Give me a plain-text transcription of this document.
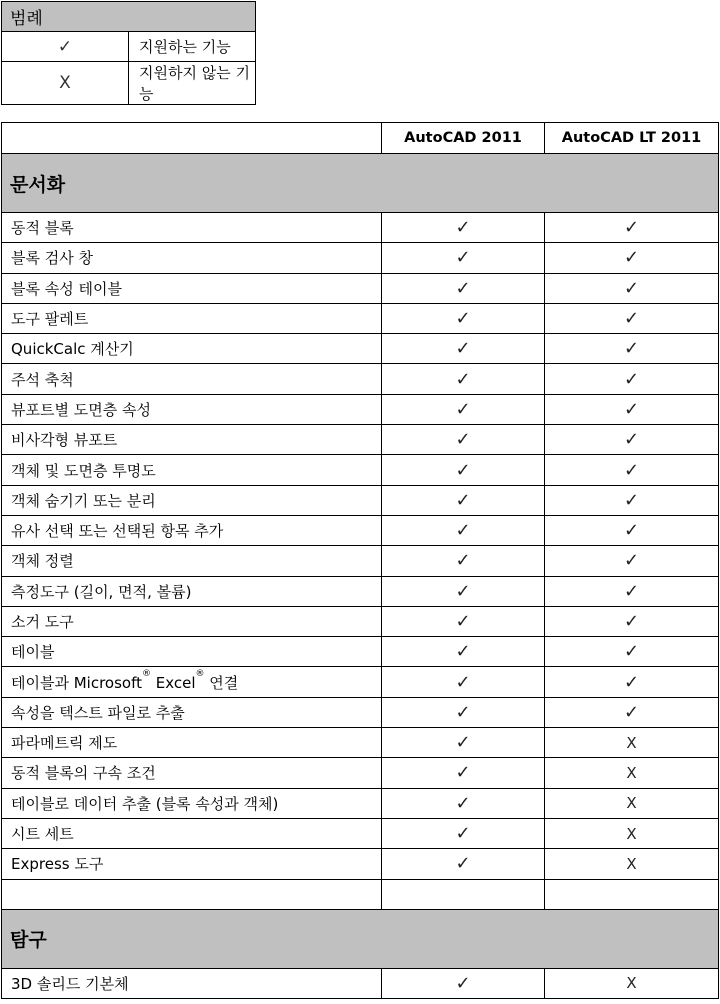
범례	
✓	지원하는 기능
X	지원하지 않는 기능
	AutoCAD 2011	AutoCAD LT 2011
문서화		
동적 블록	✓	✓
블록 검사 창	✓	✓
블록 속성 테이블	✓	✓
도구 팔레트	✓	✓
QuickCalc 계산기	✓	✓
주석 축척	✓	✓
뷰포트별 도면층 속성	✓	✓
비사각형 뷰포트	✓	✓
객체 및 도면층 투명도	✓	✓
객체 숨기기 또는 분리	✓	✓
유사 선택 또는 선택된 항목 추가	✓	✓
객체 정렬	✓	✓
측정도구 (길이, 면적, 볼륨)	✓	✓
소거 도구	✓	✓
테이블	✓	✓
테이블과 Microsoft® Excel® 연결	✓	✓
속성을 텍스트 파일로 추출	✓	✓
파라메트릭 제도	✓	X
동적 블록의 구속 조건	✓	X
테이블로 데이터 추출 (블록 속성과 객체)	✓	X
시트 세트	✓	X
Express 도구	✓	X

탐구		
3D 솔리드 기본체	✓	X
